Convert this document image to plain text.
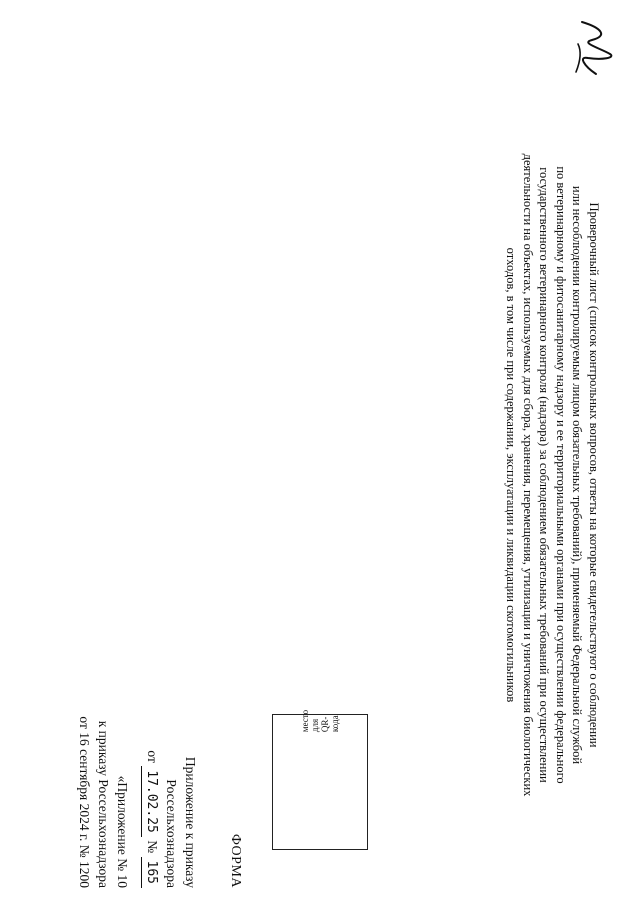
Приложение к приказу
Россельхознадзора
от 17.02.25 № 165
«Приложение № 10
к приказу Россельхознадзора
от 16 сентября 2024 г. № 1200	ФОРМА
место для QR-кода	Проверочный лист (список контрольных вопросов, ответы на которые свидетельствуют о соблюдении
или несоблюдении контролируемым лицом обязательных требований), применяемый Федеральной службой
по ветеринарному и фитосанитарному надзору и ее территориальными органами при осуществлении федерального
государственного ветеринарного контроля (надзора) за соблюдением обязательных требований при осуществлении
деятельности на объектах, используемых для сбора, хранения, перемещения, утилизации и уничтожения биологических
отходов, в том числе при содержании, эксплуатации и ликвидации скотомогильников
